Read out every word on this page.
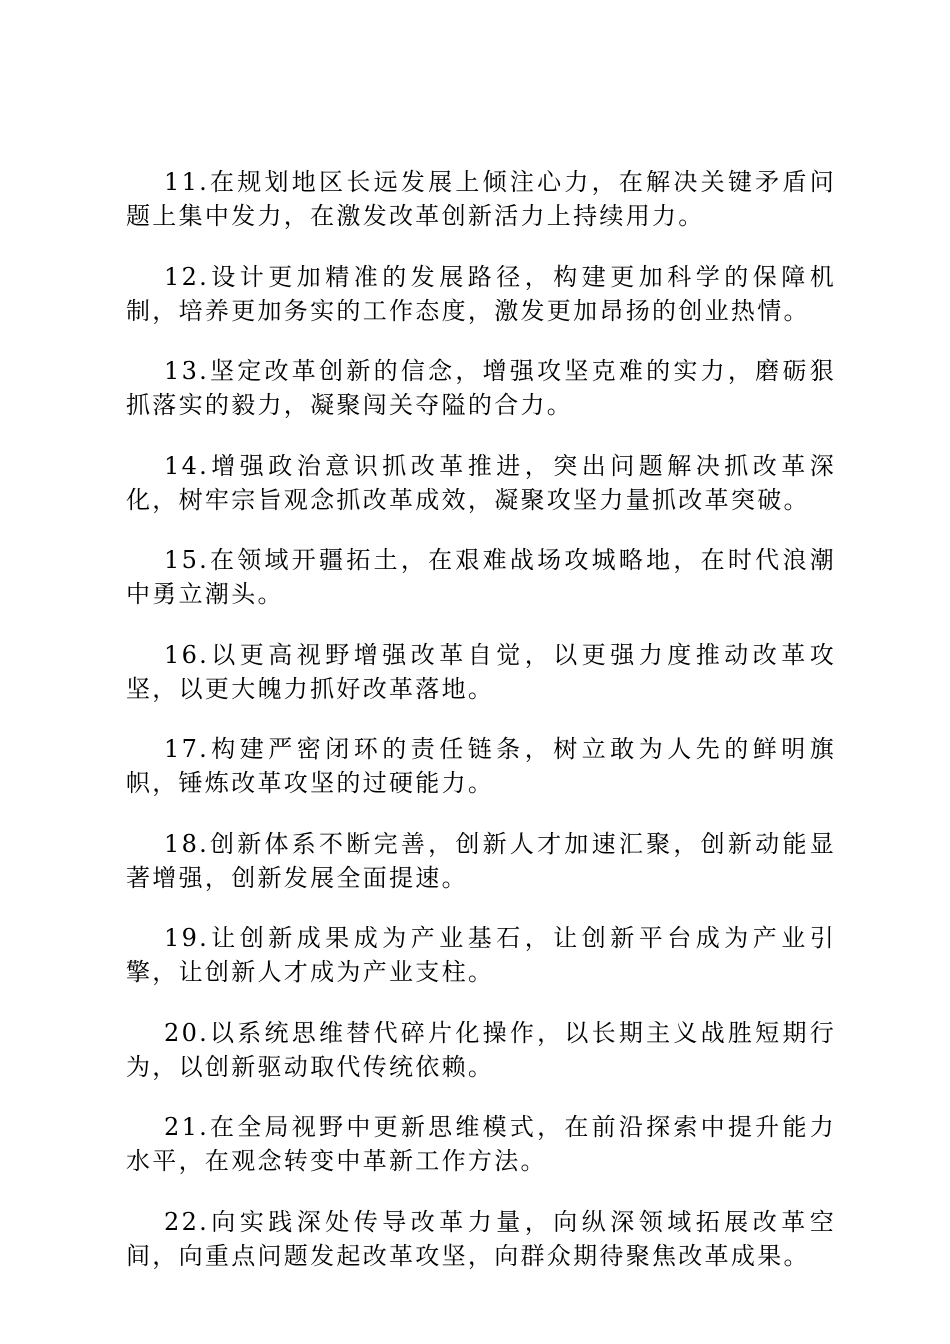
11.在规划地区长远发展上倾注心力，在解决关键矛盾问题上集中发力，在激发改革创新活力上持续用力。

12.设计更加精准的发展路径，构建更加科学的保障机制，培养更加务实的工作态度，激发更加昂扬的创业热情。

13.坚定改革创新的信念，增强攻坚克难的实力，磨砺狠抓落实的毅力，凝聚闯关夺隘的合力。

14.增强政治意识抓改革推进，突出问题解决抓改革深化，树牢宗旨观念抓改革成效，凝聚攻坚力量抓改革突破。

15.在领域开疆拓土，在艰难战场攻城略地，在时代浪潮中勇立潮头。

16.以更高视野增强改革自觉，以更强力度推动改革攻坚，以更大魄力抓好改革落地。

17.构建严密闭环的责任链条，树立敢为人先的鲜明旗帜，锤炼改革攻坚的过硬能力。

18.创新体系不断完善，创新人才加速汇聚，创新动能显著增强，创新发展全面提速。

19.让创新成果成为产业基石，让创新平台成为产业引擎，让创新人才成为产业支柱。

20.以系统思维替代碎片化操作，以长期主义战胜短期行为，以创新驱动取代传统依赖。

21.在全局视野中更新思维模式，在前沿探索中提升能力水平，在观念转变中革新工作方法。

22.向实践深处传导改革力量，向纵深领域拓展改革空间，向重点问题发起改革攻坚，向群众期待聚焦改革成果。
